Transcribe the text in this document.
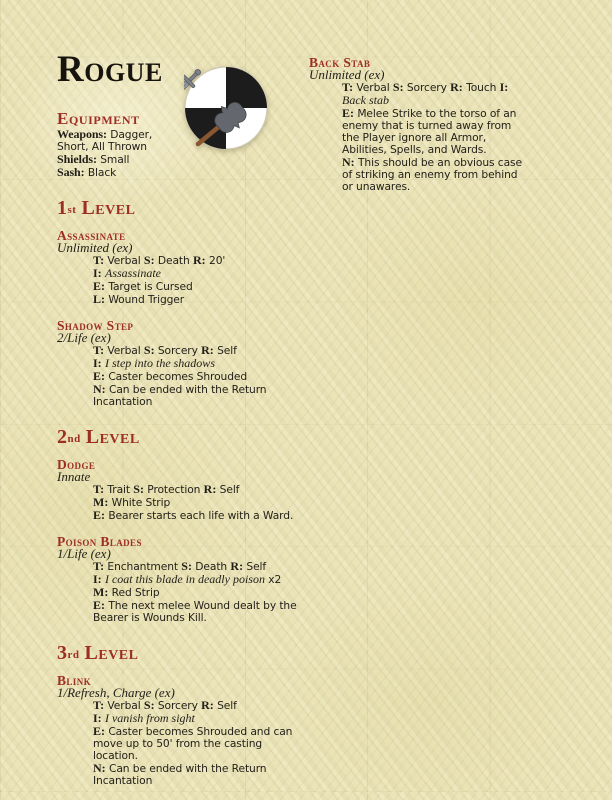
Rogue
Equipment
Weapons: Dagger, Short, All Thrown
Shields: Small
Sash: Black
1st Level
Assassinate
Unlimited (ex)
T: Verbal S: Death R: 20'
I: Assassinate
E: Target is Cursed
L: Wound Trigger
Shadow Step
2/Life (ex)
T: Verbal S: Sorcery R: Self
I: I step into the shadows
E: Caster becomes Shrouded
N: Can be ended with the Return Incantation
2nd Level
Dodge
Innate
T: Trait S: Protection R: Self
M: White Strip
E: Bearer starts each life with a Ward.
Poison Blades
1/Life (ex)
T: Enchantment S: Death R: Self
I: I coat this blade in deadly poison x2
M: Red Strip
E: The next melee Wound dealt by the Bearer is Wounds Kill.
3rd Level
Blink
1/Refresh, Charge (ex)
T: Verbal S: Sorcery R: Self
I: I vanish from sight
E: Caster becomes Shrouded and can move up to 50' from the casting location.
N: Can be ended with the Return Incantation
Back Stab
Unlimited (ex)
T: Verbal S: Sorcery R: Touch I: Back stab
E: Melee Strike to the torso of an enemy that is turned away from the Player ignore all Armor, Abilities, Spells, and Wards.
N: This should be an obvious case of striking an enemy from behind or unawares.
